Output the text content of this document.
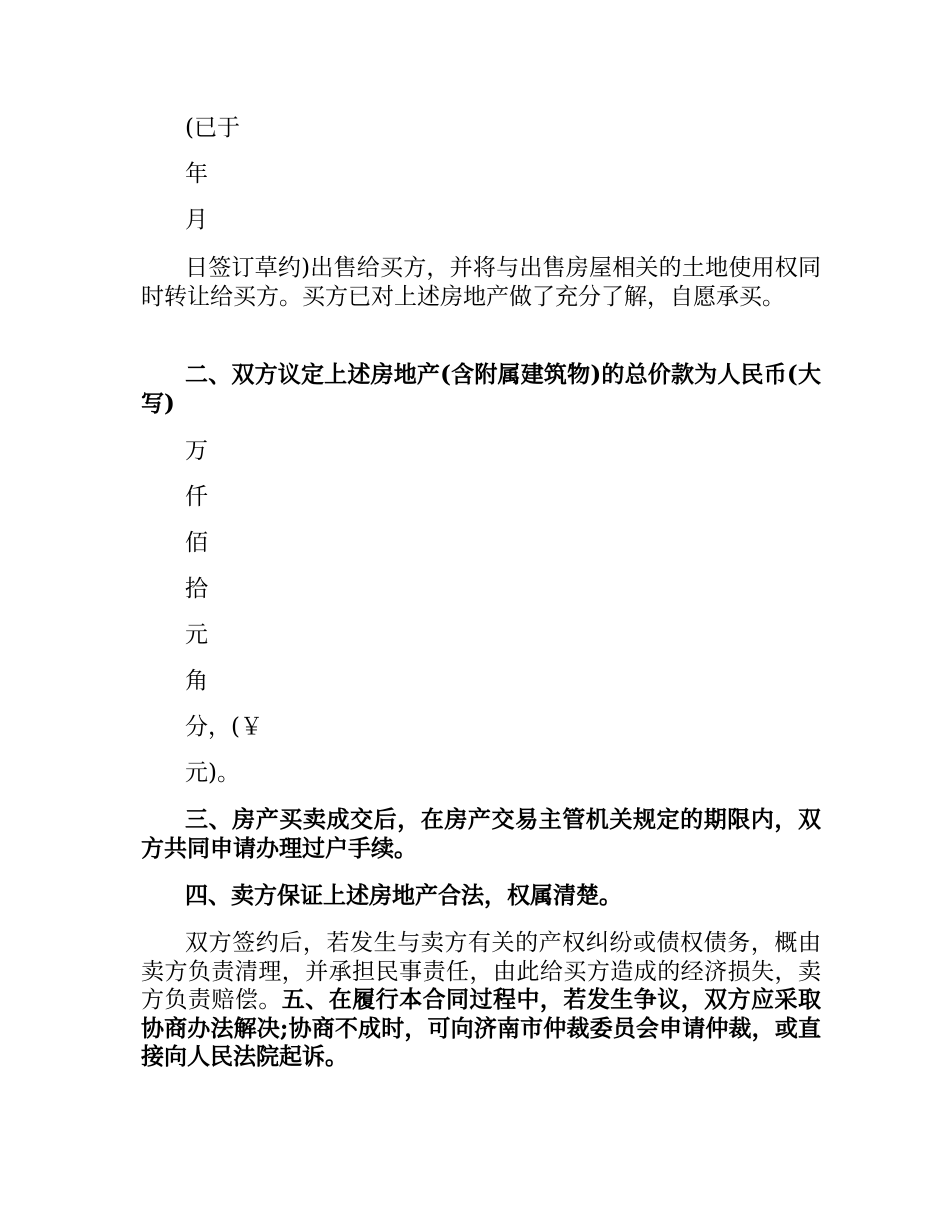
(已于
年
月

日签订草约)出售给买方，并将与出售房屋相关的土地使用权同时转让给买方。买方已对上述房地产做了充分了解，自愿承买。

二、双方议定上述房地产(含附属建筑物)的总价款为人民币(大写)

万
仟
佰
拾
元
角
分，(￥
元)。

三、房产买卖成交后，在房产交易主管机关规定的期限内，双方共同申请办理过户手续。

四、卖方保证上述房地产合法，权属清楚。

双方签约后，若发生与卖方有关的产权纠纷或债权债务，概由卖方负责清理，并承担民事责任，由此给买方造成的经济损失，卖方负责赔偿。五、在履行本合同过程中，若发生争议，双方应采取协商办法解决;协商不成时，可向济南市仲裁委员会申请仲裁，或直接向人民法院起诉。
